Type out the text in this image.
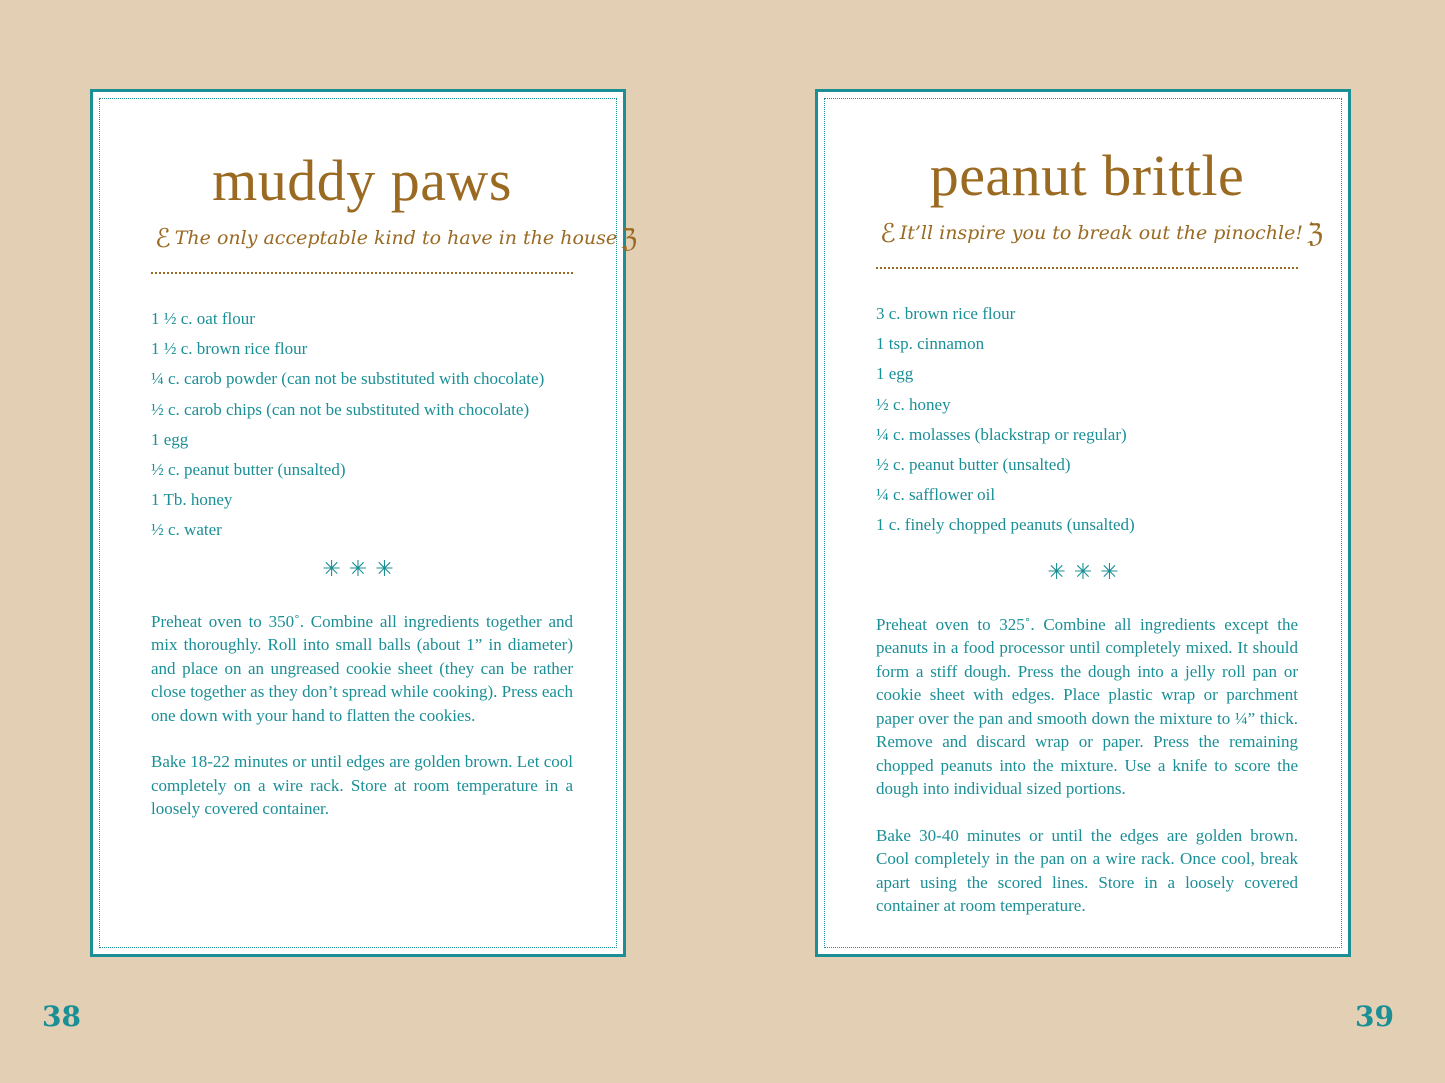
muddy paws
ℰ The only acceptable kind to have in the house ℨ
1 ½ c. oat flour
1 ½ c. brown rice flour
¼ c. carob powder (can not be substituted with chocolate)
½ c. carob chips (can not be substituted with chocolate)
1 egg
½ c. peanut butter (unsalted)
1 Tb. honey
½ c. water
✳✳✳

Preheat oven to 350˚. Combine all ingredients together and mix thoroughly. Roll into small balls (about 1” in diameter) and place on an ungreased cookie sheet (they can be rather close together as they don’t spread while cooking). Press each one down with your hand to flatten the cookies.

Bake 18-22 minutes or until edges are golden brown. Let cool completely on a wire rack. Store at room temperature in a loosely covered container.

peanut brittle
ℰ It’ll inspire you to break out the pinochle! ℨ
3 c. brown rice flour
1 tsp. cinnamon
1 egg
½ c. honey
¼ c. molasses (blackstrap or regular)
½ c. peanut butter (unsalted)
¼ c. safflower oil
1 c. finely chopped peanuts (unsalted)
✳✳✳

Preheat oven to 325˚. Combine all ingredients except the peanuts in a food processor until completely mixed. It should form a stiff dough. Press the dough into a jelly roll pan or cookie sheet with edges. Place plastic wrap or parchment paper over the pan and smooth down the mixture to ¼” thick. Remove and discard wrap or paper. Press the remaining chopped peanuts into the mixture. Use a knife to score the dough into individual sized portions.

Bake 30-40 minutes or until the edges are golden brown. Cool completely in the pan on a wire rack. Once cool, break apart using the scored lines. Store in a loosely covered container at room temperature.

38	39
